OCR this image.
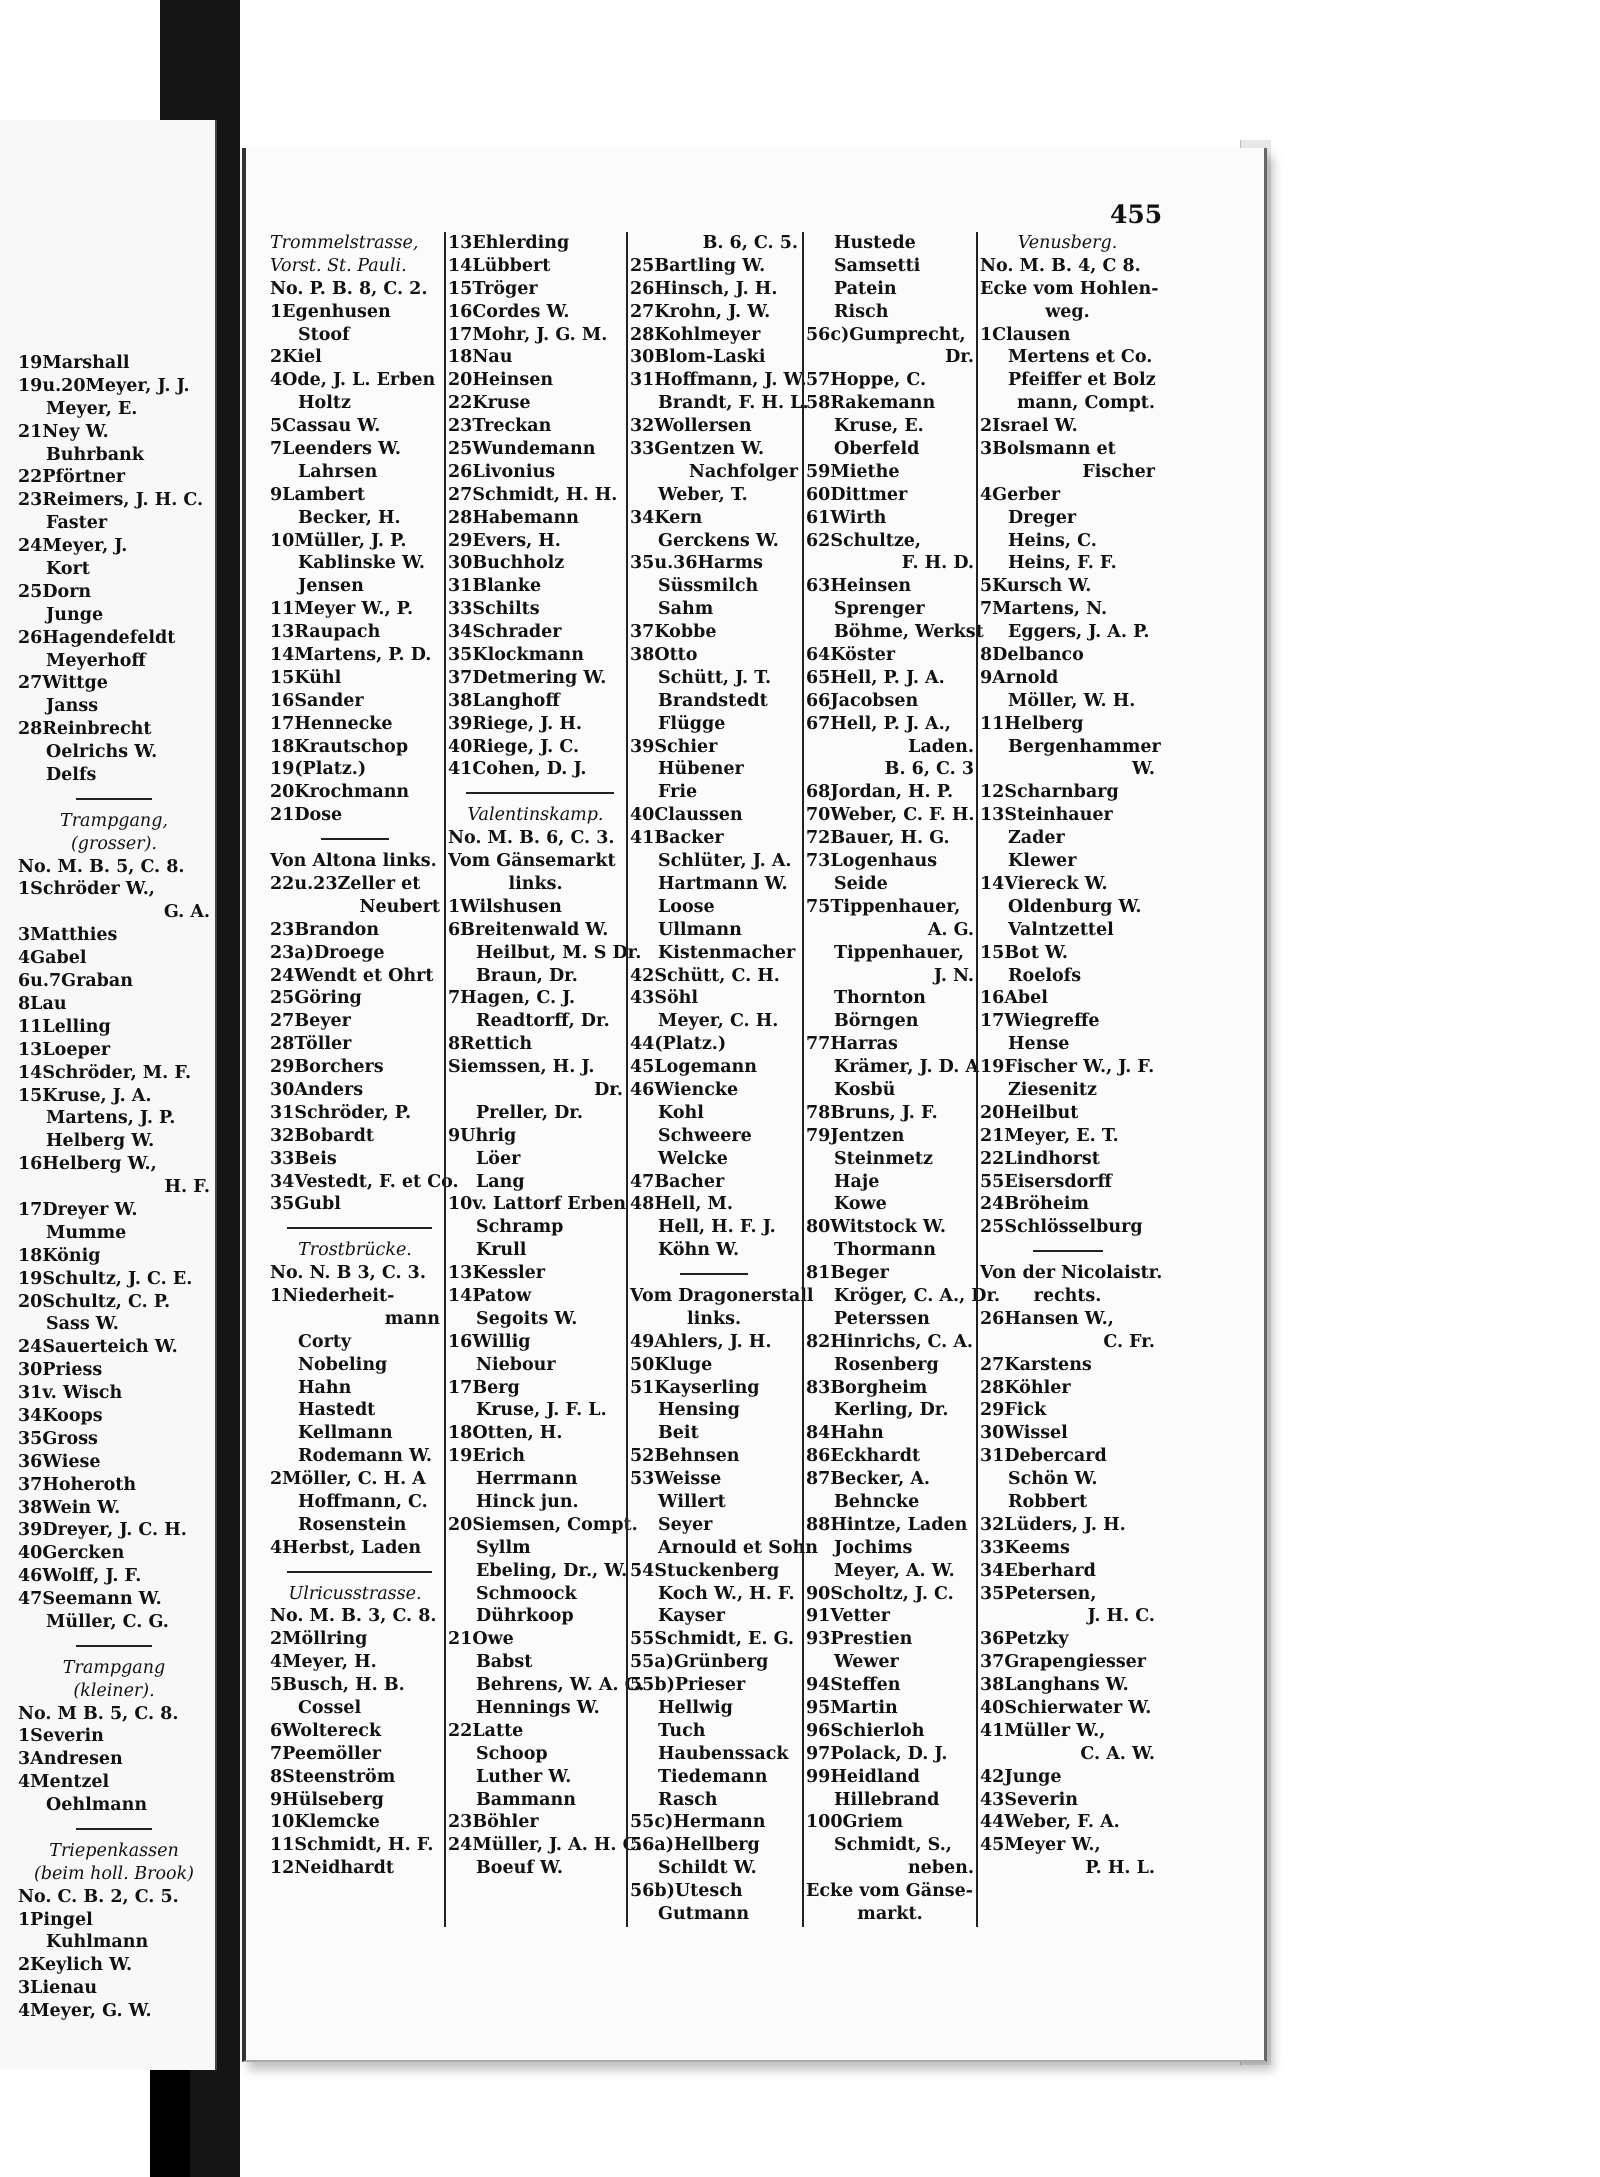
19Marshall
19u.20Meyer, J. J.
Meyer, E.
21Ney W.
Buhrbank
22Pförtner
23Reimers, J. H. C.
Faster
24Meyer, J.
Kort
25Dorn
Junge
26Hagendefeldt
Meyerhoff
27Wittge
Janss
28Reinbrecht
Oelrichs W.
Delfs
Trampgang,
(grosser).
No. M. B. 5, C. 8.
1Schröder W.,
G. A.
3Matthies
4Gabel
6u.7Graban
8Lau
11Lelling
13Loeper
14Schröder, M. F.
15Kruse, J. A.
Martens, J. P.
Helberg W.
16Helberg W.,
H. F.
17Dreyer W.
Mumme
18König
19Schultz, J. C. E.
20Schultz, C. P.
Sass W.
24Sauerteich W.
30Priess
31v. Wisch
34Koops
35Gross
36Wiese
37Hoheroth
38Wein W.
39Dreyer, J. C. H.
40Gercken
46Wolff, J. F.
47Seemann W.
Müller, C. G.
Trampgang
(kleiner).
No. M B. 5, C. 8.
1Severin
3Andresen
4Mentzel
Oehlmann
Triepenkassen
(beim holl. Brook)
No. C. B. 2, C. 5.
1Pingel
Kuhlmann
2Keylich W.
3Lienau
4Meyer, G. W.
455
Trommelstrasse,
Vorst. St. Pauli.
No. P. B. 8, C. 2.
1Egenhusen
Stoof
2Kiel
4Ode, J. L. Erben
Holtz
5Cassau W.
7Leenders W.
Lahrsen
9Lambert
Becker, H.
10Müller, J. P.
Kablinske W.
Jensen
11Meyer W., P.
13Raupach
14Martens, P. D.
15Kühl
16Sander
17Hennecke
18Krautschop
19(Platz.)
20Krochmann
21Dose
Von Altona links.
22u.23Zeller et
Neubert
23Brandon
23a)Droege
24Wendt et Ohrt
25Göring
27Beyer
28Töller
29Borchers
30Anders
31Schröder, P.
32Bobardt
33Beis
34Vestedt, F. et Co.
35Gubl
Trostbrücke.
No. N. B 3, C. 3.
1Niederheit-
mann
Corty
Nobeling
Hahn
Hastedt
Kellmann
Rodemann W.
2Möller, C. H. A
Hoffmann, C.
Rosenstein
4Herbst, Laden
Ulricusstrasse.
No. M. B. 3, C. 8.
2Möllring
4Meyer, H.
5Busch, H. B.
Cossel
6Woltereck
7Peemöller
8Steenström
9Hülseberg
10Klemcke
11Schmidt, H. F.
12Neidhardt
13Ehlerding
14Lübbert
15Tröger
16Cordes W.
17Mohr, J. G. M.
18Nau
20Heinsen
22Kruse
23Treckan
25Wundemann
26Livonius
27Schmidt, H. H.
28Habemann
29Evers, H.
30Buchholz
31Blanke
33Schilts
34Schrader
35Klockmann
37Detmering W.
38Langhoff
39Riege, J. H.
40Riege, J. C.
41Cohen, D. J.
Valentinskamp.
No. M. B. 6, C. 3.
Vom Gänsemarkt
links.
1Wilshusen
6Breitenwald W.
Heilbut, M. S Dr.
Braun, Dr.
7Hagen, C. J.
Readtorff, Dr.
8Rettich
Siemssen, H. J.
Dr.
Preller, Dr.
9Uhrig
Löer
Lang
10v. Lattorf Erben
Schramp
Krull
13Kessler
14Patow
Segoits W.
16Willig
Niebour
17Berg
Kruse, J. F. L.
18Otten, H.
19Erich
Herrmann
Hinck jun.
20Siemsen, Compt.
Syllm
Ebeling, Dr., W.
Schmoock
Dührkoop
21Owe
Babst
Behrens, W. A. C.
Hennings W.
22Latte
Schoop
Luther W.
Bammann
23Böhler
24Müller, J. A. H. C.
Boeuf W.
B. 6, C. 5.
25Bartling W.
26Hinsch, J. H.
27Krohn, J. W.
28Kohlmeyer
30Blom-Laski
31Hoffmann, J. W.
Brandt, F. H. L.
32Wollersen
33Gentzen W.
Nachfolger
Weber, T.
34Kern
Gerckens W.
35u.36Harms
Süssmilch
Sahm
37Kobbe
38Otto
Schütt, J. T.
Brandstedt
Flügge
39Schier
Hübener
Frie
40Claussen
41Backer
Schlüter, J. A.
Hartmann W.
Loose
Ullmann
Kistenmacher
42Schütt, C. H.
43Söhl
Meyer, C. H.
44(Platz.)
45Logemann
46Wiencke
Kohl
Schweere
Welcke
47Bacher
48Hell, M.
Hell, H. F. J.
Köhn W.
Vom Dragonerstall
links.
49Ahlers, J. H.
50Kluge
51Kayserling
Hensing
Beit
52Behnsen
53Weisse
Willert
Seyer
Arnould et Sohn
54Stuckenberg
Koch W., H. F.
Kayser
55Schmidt, E. G.
55a)Grünberg
55b)Prieser
Hellwig
Tuch
Haubenssack
Tiedemann
Rasch
55c)Hermann
56a)Hellberg
Schildt W.
56b)Utesch
Gutmann
Hustede
Samsetti
Patein
Risch
56c)Gumprecht,
Dr.
57Hoppe, C.
58Rakemann
Kruse, E.
Oberfeld
59Miethe
60Dittmer
61Wirth
62Schultze,
F. H. D.
63Heinsen
Sprenger
Böhme, Werkst
64Köster
65Hell, P. J. A.
66Jacobsen
67Hell, P. J. A.,
Laden.
B. 6, C. 3
68Jordan, H. P.
70Weber, C. F. H.
72Bauer, H. G.
73Logenhaus
Seide
75Tippenhauer,
A. G.
Tippenhauer,
J. N.
Thornton
Börngen
77Harras
Krämer, J. D. A
Kosbü
78Bruns, J. F.
79Jentzen
Steinmetz
Haje
Kowe
80Witstock W.
Thormann
81Beger
Kröger, C. A., Dr.
Peterssen
82Hinrichs, C. A.
Rosenberg
83Borgheim
Kerling, Dr.
84Hahn
86Eckhardt
87Becker, A.
Behncke
88Hintze, Laden
Jochims
Meyer, A. W.
90Scholtz, J. C.
91Vetter
93Prestien
Wewer
94Steffen
95Martin
96Schierloh
97Polack, D. J.
99Heidland
Hillebrand
100Griem
Schmidt, S.,
neben.
Ecke vom Gänse-
markt.
Venusberg.
No. M. B. 4, C 8.
Ecke vom Hohlen-
weg.
1Clausen
Mertens et Co.
Pfeiffer et Bolz
mann, Compt.
2Israel W.
3Bolsmann et
Fischer
4Gerber
Dreger
Heins, C.
Heins, F. F.
5Kursch W.
7Martens, N.
Eggers, J. A. P.
8Delbanco
9Arnold
Möller, W. H.
11Helberg
Bergenhammer
W.
12Scharnbarg
13Steinhauer
Zader
Klewer
14Viereck W.
Oldenburg W.
Valntzettel
15Bot W.
Roelofs
16Abel
17Wiegreffe
Hense
19Fischer W., J. F.
Ziesenitz
20Heilbut
21Meyer, E. T.
22Lindhorst
55Eisersdorff
24Bröheim
25Schlösselburg
Von der Nicolaistr.
rechts.
26Hansen W.,
C. Fr.
27Karstens
28Köhler
29Fick
30Wissel
31Debercard
Schön W.
Robbert
32Lüders, J. H.
33Keems
34Eberhard
35Petersen,
J. H. C.
36Petzky
37Grapengiesser
38Langhans W.
40Schierwater W.
41Müller W.,
C. A. W.
42Junge
43Severin
44Weber, F. A.
45Meyer W.,
P. H. L.
